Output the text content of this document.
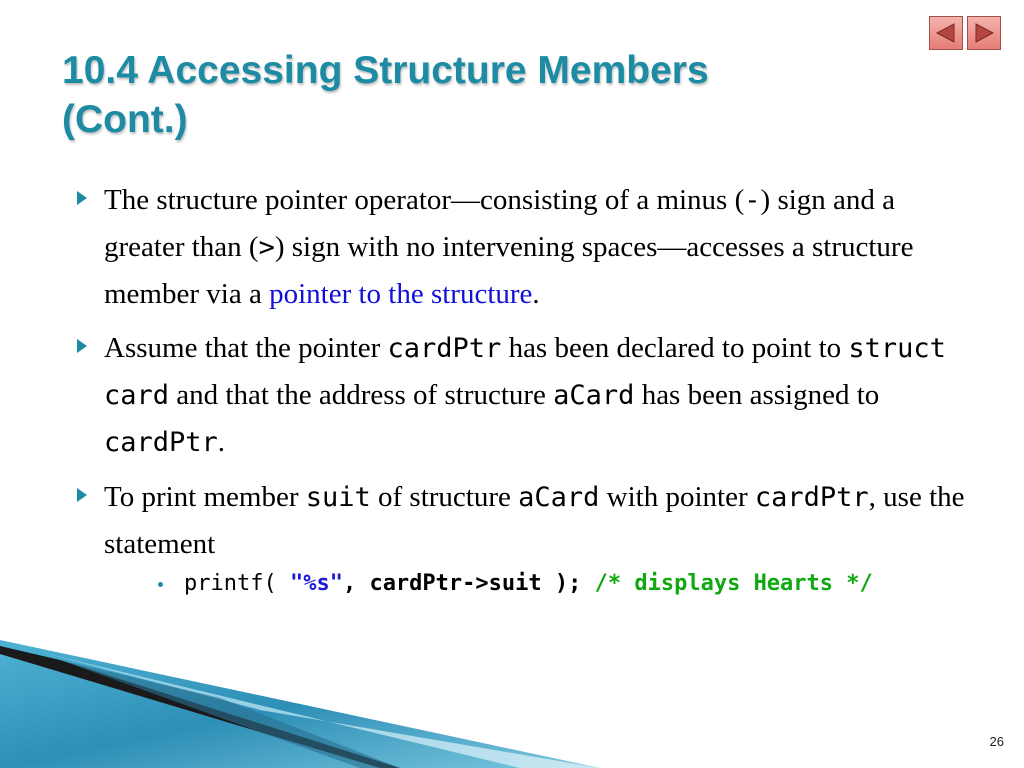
10.4 Accessing Structure Members
(Cont.)
The structure pointer operator—consisting of a minus (-) sign and a greater than (>) sign with no intervening spaces—accesses a structure member via a pointer to the structure.
Assume that the pointer cardPtr has been declared to point to struct card and that the address of structure aCard has been assigned to cardPtr.
To print member suit of structure aCard with pointer cardPtr, use the statement
printf( "%s", cardPtr->suit ); /* displays Hearts */
26
